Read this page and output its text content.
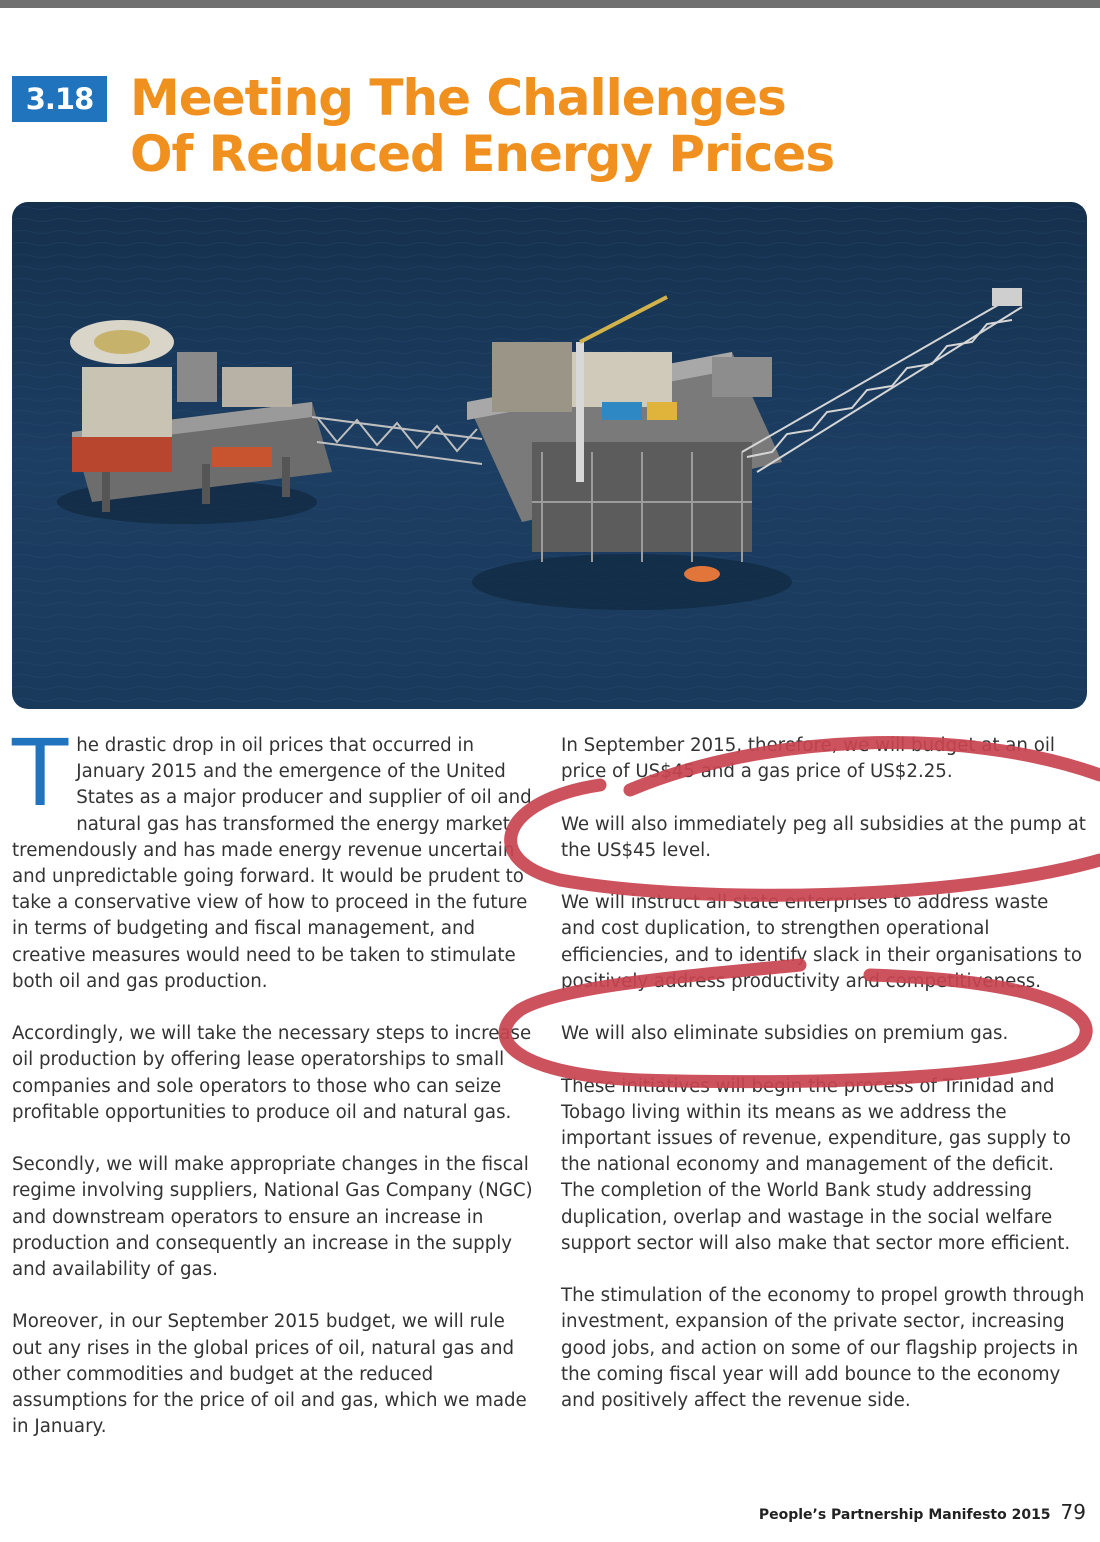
3.18 Meeting The Challenges
Of Reduced Energy Prices

The drastic drop in oil prices that occurred in January 2015 and the emergence of the United States as a major producer and supplier of oil and natural gas has transformed the energy market tremendously and has made energy revenue uncertain and unpredictable going forward. It would be prudent to take a conservative view of how to proceed in the future in terms of budgeting and fiscal management, and creative measures would need to be taken to stimulate both oil and gas production.

Accordingly, we will take the necessary steps to increase oil production by offering lease operatorships to small companies and sole operators to those who can seize profitable opportunities to produce oil and natural gas.

Secondly, we will make appropriate changes in the fiscal regime involving suppliers, National Gas Company (NGC) and downstream operators to ensure an increase in production and consequently an increase in the supply and availability of gas.

Moreover, in our September 2015 budget, we will rule out any rises in the global prices of oil, natural gas and other commodities and budget at the reduced assumptions for the price of oil and gas, which we made in January.

In September 2015, therefore, we will budget at an oil price of US$45 and a gas price of US$2.25.

We will also immediately peg all subsidies at the pump at the US$45 level.

We will instruct all state enterprises to address waste and cost duplication, to strengthen operational efficiencies, and to identify slack in their organisations to positively address productivity and competitiveness.

We will also eliminate subsidies on premium gas.

These initiatives will begin the process of Trinidad and Tobago living within its means as we address the important issues of revenue, expenditure, gas supply to the national economy and management of the deficit. The completion of the World Bank study addressing duplication, overlap and wastage in the social welfare support sector will also make that sector more efficient.

The stimulation of the economy to propel growth through investment, expansion of the private sector, increasing good jobs, and action on some of our flagship projects in the coming fiscal year will add bounce to the economy and positively affect the revenue side.

People’s Partnership Manifesto 2015 79
